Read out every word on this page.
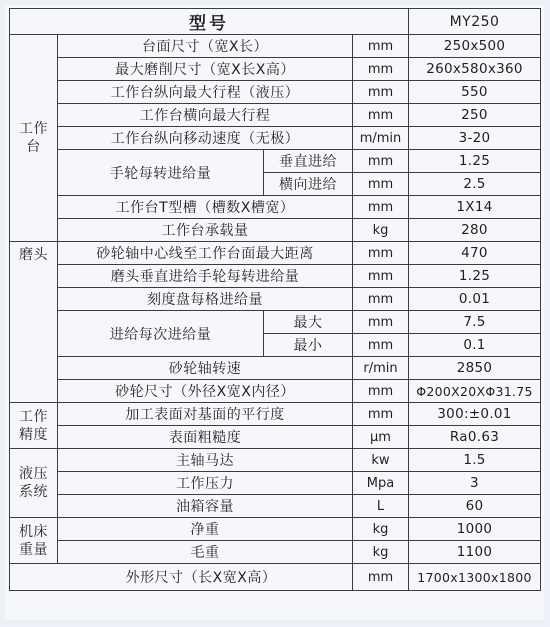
型号				MY250
工作台	台面尺寸（宽X长）		mm	250x500
	最大磨削尺寸（宽X长X高）		mm	260x580x360
	工作台纵向最大行程（液压）		mm	550
	工作台横向最大行程		mm	250
	工作台纵向移动速度（无极）		m/min	3-20
	手轮每转进给量	垂直进给	mm	1.25
		横向进给	mm	2.5
	工作台T型槽（槽数X槽宽）		mm	1X14
	工作台承载量		kg	280
磨头	砂轮轴中心线至工作台面最大距离		mm	470
	磨头垂直进给手轮每转进给量		mm	1.25
	刻度盘每格进给量		mm	0.01
	进给每次进给量	最大	mm	7.5
		最小	mm	0.1
	砂轮轴转速		r/min	2850
	砂轮尺寸（外径X宽X内径）		mm	Φ200X20XΦ31.75
工作精度	加工表面对基面的平行度		mm	300:±0.01
	表面粗糙度		μm	Ra0.63
液压系统	主轴马达		kw	1.5
	工作压力		Mpa	3
	油箱容量		L	60
机床重量	净重		kg	1000
	毛重		kg	1100
外形尺寸（长X宽X高）			mm	1700x1300x1800
